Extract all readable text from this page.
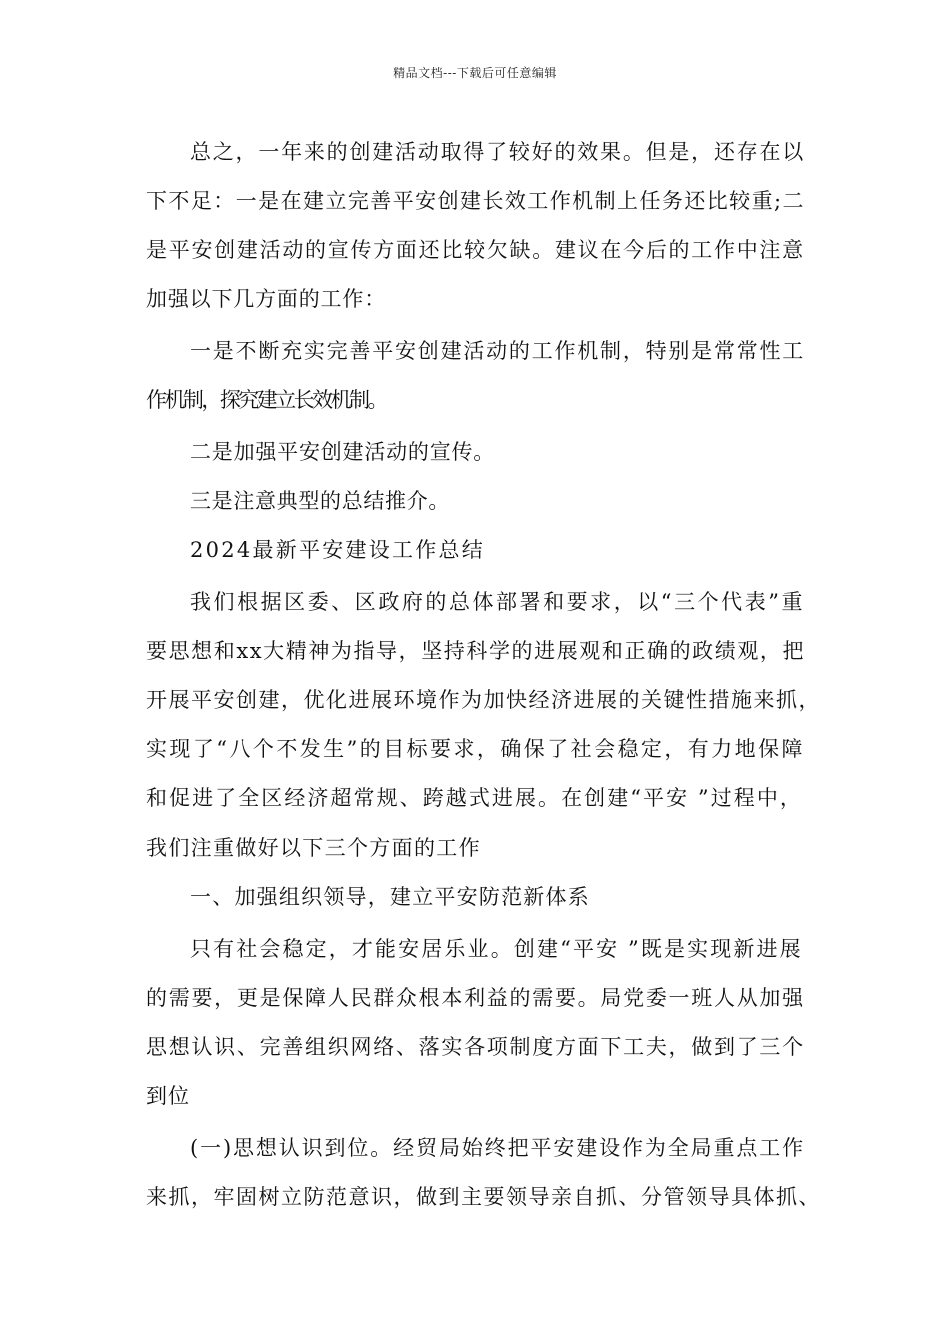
精品文档---下载后可任意编辑
总之，一年来的创建活动取得了较好的效果。但是，还存在以
下不足：一是在建立完善平安创建长效工作机制上任务还比较重;二
是平安创建活动的宣传方面还比较欠缺。建议在今后的工作中注意
加强以下几方面的工作：
一是不断充实完善平安创建活动的工作机制，特别是常常性工
作机制，探究建立长效机制。
二是加强平安创建活动的宣传。
三是注意典型的总结推介。
2024最新平安建设工作总结
我们根据区委、区政府的总体部署和要求，以“三个代表”重
要思想和xx大精神为指导，坚持科学的进展观和正确的政绩观，把
开展平安创建，优化进展环境作为加快经济进展的关键性措施来抓，
实现了“八个不发生”的目标要求，确保了社会稳定，有力地保障
和促进了全区经济超常规、跨越式进展。在创建“平安 ”过程中，
我们注重做好以下三个方面的工作
一、加强组织领导，建立平安防范新体系
只有社会稳定，才能安居乐业。创建“平安 ”既是实现新进展
的需要，更是保障人民群众根本利益的需要。局党委一班人从加强
思想认识、完善组织网络、落实各项制度方面下工夫，做到了三个
到位
(一)思想认识到位。经贸局始终把平安建设作为全局重点工作
来抓，牢固树立防范意识，做到主要领导亲自抓、分管领导具体抓、
